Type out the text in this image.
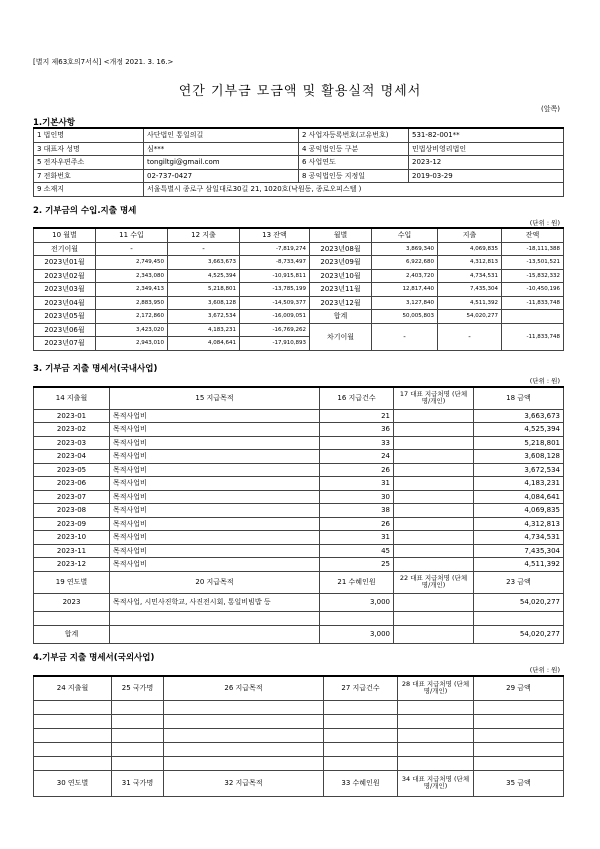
[별지 제63호의7서식] <개정 2021. 3. 16.>
연간 기부금 모금액 및 활용실적 명세서
(앞쪽)
1.기본사항
1 법인명	사단법인 통일의길	2 사업자등록번호(고유번호)	531-82-001**
3 대표자 성명	심***	4 공익법인등 구분	민법상비영리법인
5 전자우편주소	tongiltgi@gmail.com	6 사업연도	2023-12
7 전화번호	02-737-0427	8 공익법인등 지정일	2019-03-29
9 소재지	서울특별시 종로구 삼일대로30길 21, 1020호(낙원동, 종로오피스텔 )		
2. 기부금의 수입.지출 명세
(단위 : 원)
10 월별	11 수입	12 지출	13 잔액	월별	수입	지출	잔액
전기이월	-	-	-7,819,274	2023년08월	3,869,340	4,069,835	-18,111,388
2023년01월	2,749,450	3,663,673	-8,733,497	2023년09월	6,922,680	4,312,813	-13,501,521
2023년02월	2,343,080	4,525,394	-10,915,811	2023년10월	2,403,720	4,734,531	-15,832,332
2023년03월	2,349,413	5,218,801	-13,785,199	2023년11월	12,817,440	7,435,304	-10,450,196
2023년04월	2,883,950	3,608,128	-14,509,377	2023년12월	3,127,840	4,511,392	-11,833,748
2023년05월	2,172,860	3,672,534	-16,009,051	합계	50,005,803	54,020,277	
2023년06월	3,423,020	4,183,231	-16,769,262	차기이월	-	-	-11,833,748
2023년07월	2,943,010	4,084,641	-17,910,893				
3. 기부금 지출 명세서(국내사업)
(단위 : 원)
14 지출월	15 지급목적	16 지급건수	17 대표 지급처명 (단체명/개인)	18 금액
2023-01	목적사업비	21		3,663,673
2023-02	목적사업비	36		4,525,394
2023-03	목적사업비	33		5,218,801
2023-04	목적사업비	24		3,608,128
2023-05	목적사업비	26		3,672,534
2023-06	목적사업비	31		4,183,231
2023-07	목적사업비	30		4,084,641
2023-08	목적사업비	38		4,069,835
2023-09	목적사업비	26		4,312,813
2023-10	목적사업비	31		4,734,531
2023-11	목적사업비	45		7,435,304
2023-12	목적사업비	25		4,511,392
19 연도별	20 지급목적	21 수혜인원	22 대표 지급처명 (단체명/개인)	23 금액
2023	목적사업, 시민사진학교, 사진전시회, 통일비빔밥 등	3,000		54,020,277

합계		3,000		54,020,277
4.기부금 지출 명세서(국외사업)
(단위 : 원)
24 지출월	25 국가명	26 지급목적	27 지급건수	28 대표 지급처명 (단체명/개인)	29 금액

30 연도별	31 국가명	32 지급목적	33 수혜인원	34 대표 지급처명 (단체명/개인)	35 금액
